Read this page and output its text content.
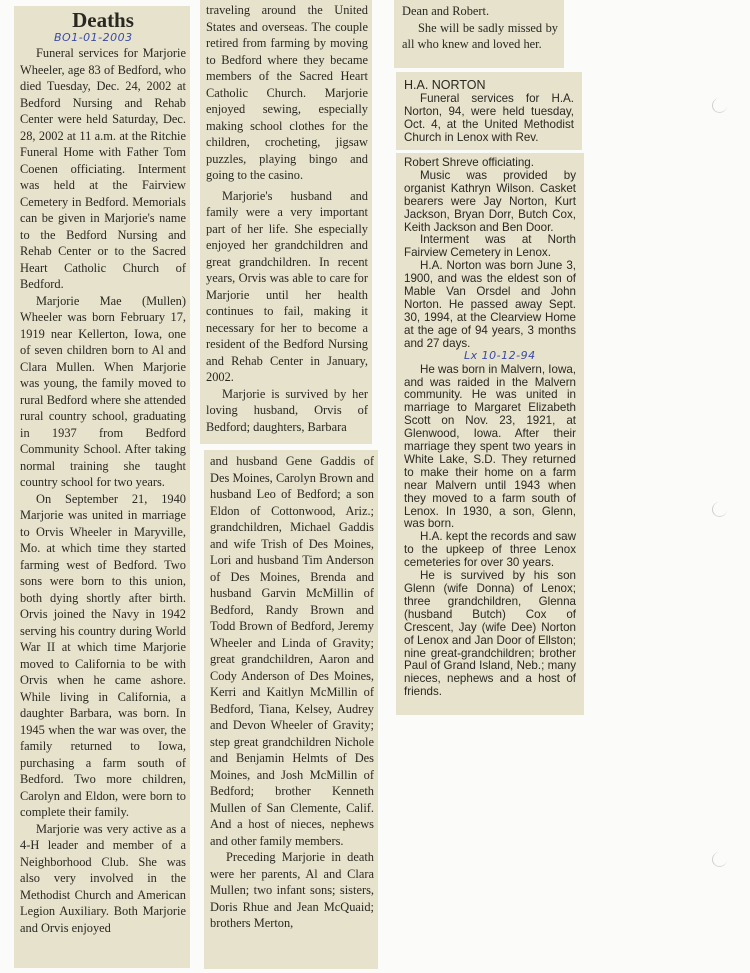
Deaths
BO1-01-2003

Funeral services for Marjorie Wheeler, age 83 of Bedford, who died Tuesday, Dec. 24, 2002 at Bedford Nursing and Rehab Center were held Saturday, Dec. 28, 2002 at 11 a.m. at the Ritchie Funeral Home with Father Tom Coenen officiating. Interment was held at the Fairview Cemetery in Bedford. Memorials can be given in Marjorie's name to the Bedford Nursing and Rehab Center or to the Sacred Heart Catholic Church of Bedford.

Marjorie Mae (Mullen) Wheeler was born February 17, 1919 near Kellerton, Iowa, one of seven children born to Al and Clara Mullen. When Marjorie was young, the family moved to rural Bedford where she attended rural country school, graduating in 1937 from Bedford Community School. After taking normal training she taught country school for two years.

On September 21, 1940 Marjorie was united in marriage to Orvis Wheeler in Maryville, Mo. at which time they started farming west of Bedford. Two sons were born to this union, both dying shortly after birth. Orvis joined the Navy in 1942 serving his country during World War II at which time Marjorie moved to California to be with Orvis when he came ashore. While living in California, a daughter Barbara, was born. In 1945 when the war was over, the family returned to Iowa, purchasing a farm south of Bedford. Two more children, Carolyn and Eldon, were born to complete their family.

Marjorie was very active as a 4-H leader and member of a Neighborhood Club. She was also very involved in the Methodist Church and American Legion Auxiliary. Both Marjorie and Orvis enjoyed

traveling around the United States and overseas. The couple retired from farming by moving to Bedford where they became members of the Sacred Heart Catholic Church. Marjorie enjoyed sewing, especially making school clothes for the children, crocheting, jigsaw puzzles, playing bingo and going to the casino.

Marjorie's husband and family were a very important part of her life. She especially enjoyed her grandchildren and great grandchildren. In recent years, Orvis was able to care for Marjorie until her health continues to fail, making it necessary for her to become a resident of the Bedford Nursing and Rehab Center in January, 2002.

Marjorie is survived by her loving husband, Orvis of Bedford; daughters, Barbara

and husband Gene Gaddis of Des Moines, Carolyn Brown and husband Leo of Bedford; a son Eldon of Cottonwood, Ariz.; grandchildren, Michael Gaddis and wife Trish of Des Moines, Lori and husband Tim Anderson of Des Moines, Brenda and husband Garvin McMillin of Bedford, Randy Brown and Todd Brown of Bedford, Jeremy Wheeler and Linda of Gravity; great grandchildren, Aaron and Cody Anderson of Des Moines, Kerri and Kaitlyn McMillin of Bedford, Tiana, Kelsey, Audrey and Devon Wheeler of Gravity; step great grandchildren Nichole and Benjamin Helmts of Des Moines, and Josh McMillin of Bedford; brother Kenneth Mullen of San Clemente, Calif. And a host of nieces, nephews and other family members.

Preceding Marjorie in death were her parents, Al and Clara Mullen; two infant sons; sisters, Doris Rhue and Jean McQuaid; brothers Merton,

Dean and Robert.

She will be sadly missed by all who knew and loved her.

H.A. NORTON

Funeral services for H.A. Norton, 94, were held tuesday, Oct. 4, at the United Methodist Church in Lenox with Rev.

Robert Shreve officiating.

Music was provided by organist Kathryn Wilson. Casket bearers were Jay Norton, Kurt Jackson, Bryan Dorr, Butch Cox, Keith Jackson and Ben Door.

Interment was at North Fairview Cemetery in Lenox.

H.A. Norton was born June 3, 1900, and was the eldest son of Mable Van Orsdel and John Norton. He passed away Sept. 30, 1994, at the Clearview Home at the age of 94 years, 3 months and 27 days.

Lx 10-12-94

He was born in Malvern, Iowa, and was raided in the Malvern community. He was united in marriage to Margaret Elizabeth Scott on Nov. 23, 1921, at Glenwood, Iowa. After their marriage they spent two years in White Lake, S.D. They returned to make their home on a farm near Malvern until 1943 when they moved to a farm south of Lenox. In 1930, a son, Glenn, was born.

H.A. kept the records and saw to the upkeep of three Lenox cemeteries for over 30 years.

He is survived by his son Glenn (wife Donna) of Lenox; three grandchildren, Glenna (husband Butch) Cox of Crescent, Jay (wife Dee) Norton of Lenox and Jan Door of Ellston; nine great-grandchildren; brother Paul of Grand Island, Neb.; many nieces, nephews and a host of friends.
